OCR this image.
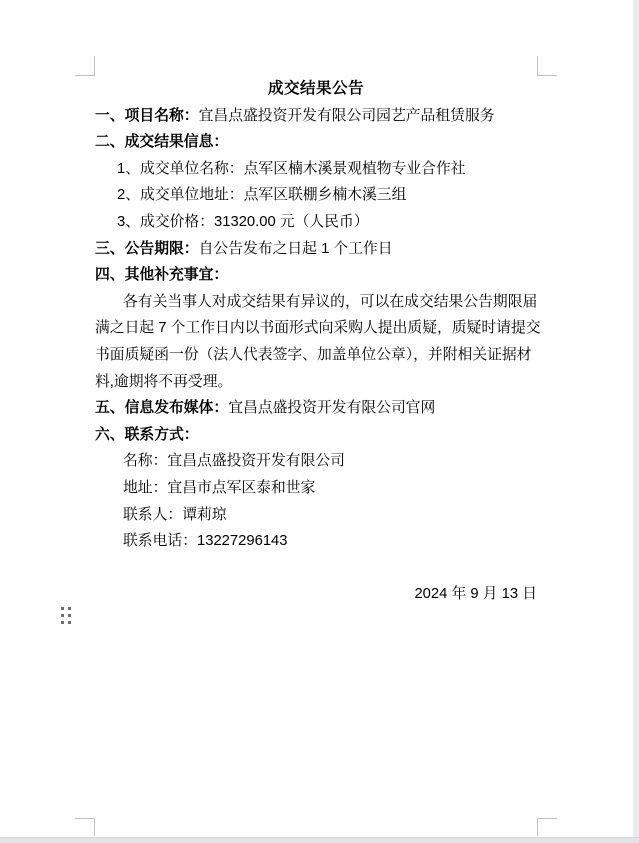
成交结果公告
一、项目名称：宜昌点盛投资开发有限公司园艺产品租赁服务
二、成交结果信息：
1、成交单位名称：点军区楠木溪景观植物专业合作社
2、成交单位地址：点军区联棚乡楠木溪三组
3、成交价格：31320.00 元（人民币）
三、公告期限：自公告发布之日起 1 个工作日
四、其他补充事宜：
各有关当事人对成交结果有异议的，可以在成交结果公告期限届
满之日起 7 个工作日内以书面形式向采购人提出质疑，质疑时请提交
书面质疑函一份（法人代表签字、加盖单位公章），并附相关证据材
料,逾期将不再受理。
五、信息发布媒体：宜昌点盛投资开发有限公司官网
六、联系方式：
名称：宜昌点盛投资开发有限公司
地址：宜昌市点军区泰和世家
联系人：谭莉琼
联系电话：13227296143
2024 年 9 月 13 日
